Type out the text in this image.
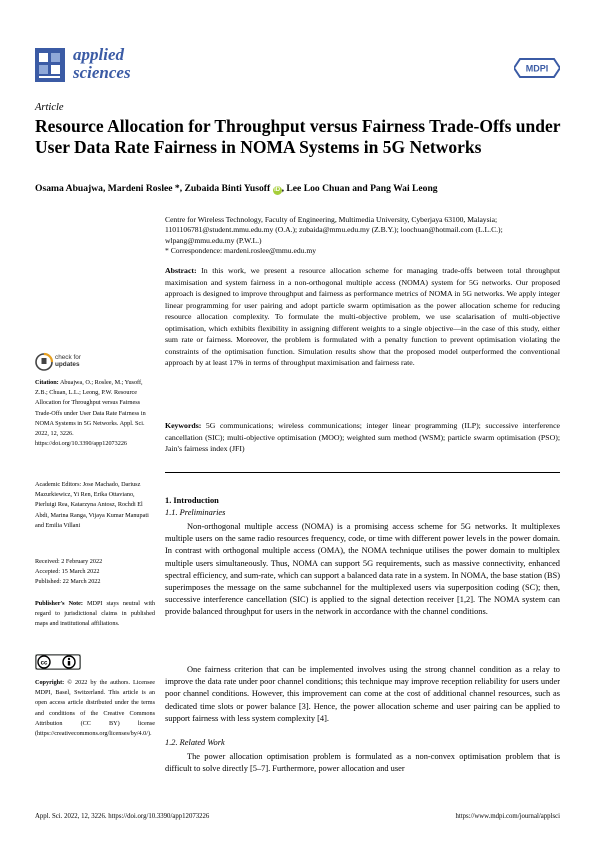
applied
sciences	MDPI
Article
Resource Allocation for Throughput versus Fairness Trade-Offs under User Data Rate Fairness in NOMA Systems in 5G Networks
Osama Abuajwa, Mardeni Roslee *, Zubaida Binti Yusoff iD , Lee Loo Chuan and Pang Wai Leong
Centre for Wireless Technology, Faculty of Engineering, Multimedia University, Cyberjaya 63100, Malaysia;
1101106781@student.mmu.edu.my (O.A.); zubaida@mmu.edu.my (Z.B.Y.); loochuan@hotmail.com (L.L.C.);
wlpang@mmu.edu.my (P.W.L.)
* Correspondence: mardeni.roslee@mmu.edu.my
Abstract: In this work, we present a resource allocation scheme for managing trade-offs between total throughput maximisation and system fairness in a non-orthogonal multiple access (NOMA) system for 5G networks. Our proposed approach is designed to improve throughput and fairness as performance metrics of NOMA in 5G networks. We apply integer linear programming for user pairing and adopt particle swarm optimisation as the power allocation scheme for reducing resource allocation complexity. To formulate the multi-objective problem, we use scalarisation of multi-objective optimisation, which exhibits flexibility in assigning different weights to a single objective—in the case of this study, either sum rate or fairness. Moreover, the problem is formulated with a penalty function to prevent optimisation violating the constraints of the optimisation function. Simulation results show that the proposed model outperformed the conventional approach by at least 17% in terms of throughput maximisation and fairness rate.
Keywords: 5G communications; wireless communications; integer linear programming (ILP); successive interference cancellation (SIC); multi-objective optimisation (MOO); weighted sum method (WSM); particle swarm optimisation (PSO); Jain's fairness index (JFI)
1. Introduction
1.1. Preliminaries

Non-orthogonal multiple access (NOMA) is a promising access scheme for 5G networks. It multiplexes multiple users on the same radio resources frequency, code, or time with different power levels in the power domain. In contrast with orthogonal multiple access (OMA), the NOMA technique utilises the power domain to multiplex multiple users simultaneously. Thus, NOMA can support 5G requirements, such as massive connectivity, enhanced spectral efficiency, and sum-rate, which can support a balanced data rate in a system. In NOMA, the base station (BS) superimposes the message on the same subchannel for the multiplexed users via superposition coding (SC); then, successive interference cancellation (SIC) is applied to the signal detection receiver [1,2]. The NOMA system can provide balanced throughput for users in the network in accordance with the channel conditions.

One fairness criterion that can be implemented involves using the strong channel condition as a relay to improve the data rate under poor channel conditions; this technique may improve reception reliability for users under poor channel conditions. However, this improvement can come at the cost of additional channel resources, such as dedicated time slots or power balance [3]. Hence, the power allocation scheme and user pairing can be applied to support fairness with less system complexity [4].

1.2. Related Work

The power allocation optimisation problem is formulated as a non-convex optimisation problem that is difficult to solve directly [5–7]. Furthermore, power allocation and user

check for
updates
Citation: Abuajwa, O.; Roslee, M.; Yusoff, Z.B.; Chuan, L.L.; Leong, P.W. Resource Allocation for Throughput versus Fairness Trade-Offs under User Data Rate Fairness in NOMA Systems in 5G Networks. Appl. Sci. 2022, 12, 3226. https://doi.org/10.3390/app12073226
Academic Editors: Jose Machado, Dariusz Mazurkiewicz, Yi Ren, Erika Ottaviano, Pierluigi Rea, Katarzyna Antosz, Rochdi El Abdi, Marina Ranga, Vijaya Kumar Manupati and Emilia Villani
Received: 2 February 2022
Accepted: 15 March 2022
Published: 22 March 2022
Publisher's Note: MDPI stays neutral with regard to jurisdictional claims in published maps and institutional affiliations.
cc
Copyright: © 2022 by the authors. Licensee MDPI, Basel, Switzerland. This article is an open access article distributed under the terms and conditions of the Creative Commons Attribution (CC BY) license (https://creativecommons.org/licenses/by/4.0/).
Appl. Sci. 2022, 12, 3226. https://doi.org/10.3390/app12073226	https://www.mdpi.com/journal/applsci
